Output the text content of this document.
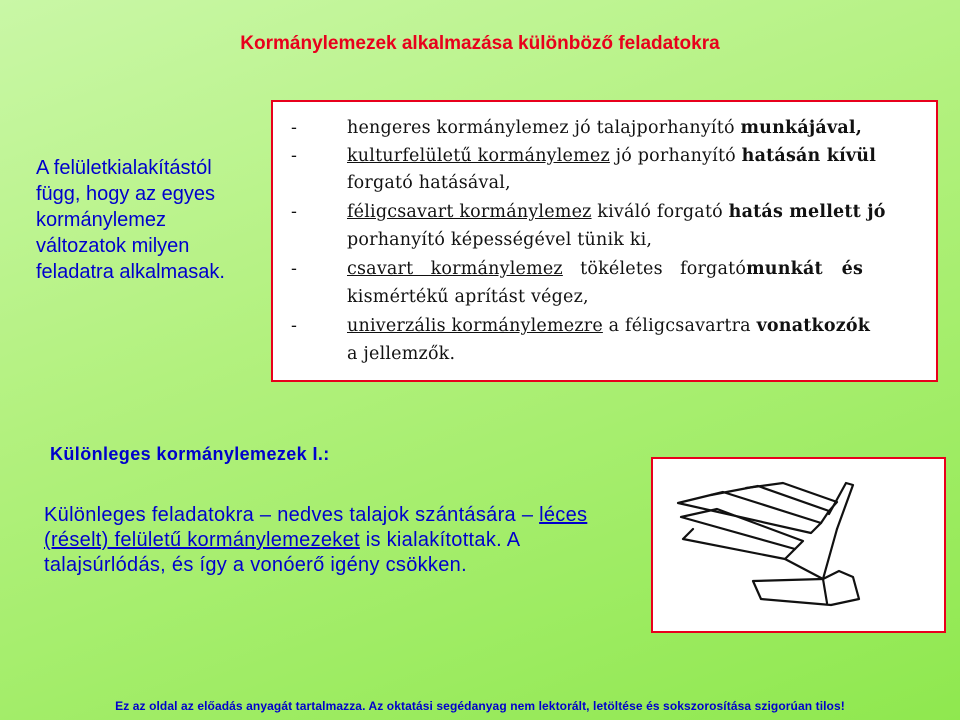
Kormánylemezek alkalmazása különböző feladatokra
A felületkialakítástól
függ, hogy az egyes
kormánylemez
változatok milyen
feladatra alkalmasak.
-	hengeres kormánylemez jó talajporhanyító munkájával,
-	kulturfelületű kormánylemez jó porhanyító hatásán kívül
forgató hatásával,
-	féligcsavart kormánylemez kiváló forgató hatás mellett jó
porhanyító képességével tünik ki,
-	csavart   kormánylemez   tökéletes   forgatómunkát   és
kismértékű aprítást végez,
-	univerzális kormánylemezre a féligcsavartra vonatkozók
a jellemzők.
Különleges kormánylemezek I.:
Különleges feladatokra – nedves talajok szántására – léces (réselt) felületű kormánylemezeket is kialakítottak. A talajsúrlódás, és így a vonóerő igény csökken.
Ez az oldal az előadás anyagát tartalmazza. Az oktatási segédanyag nem lektorált, letöltése és sokszorosítása szigorúan tilos!
